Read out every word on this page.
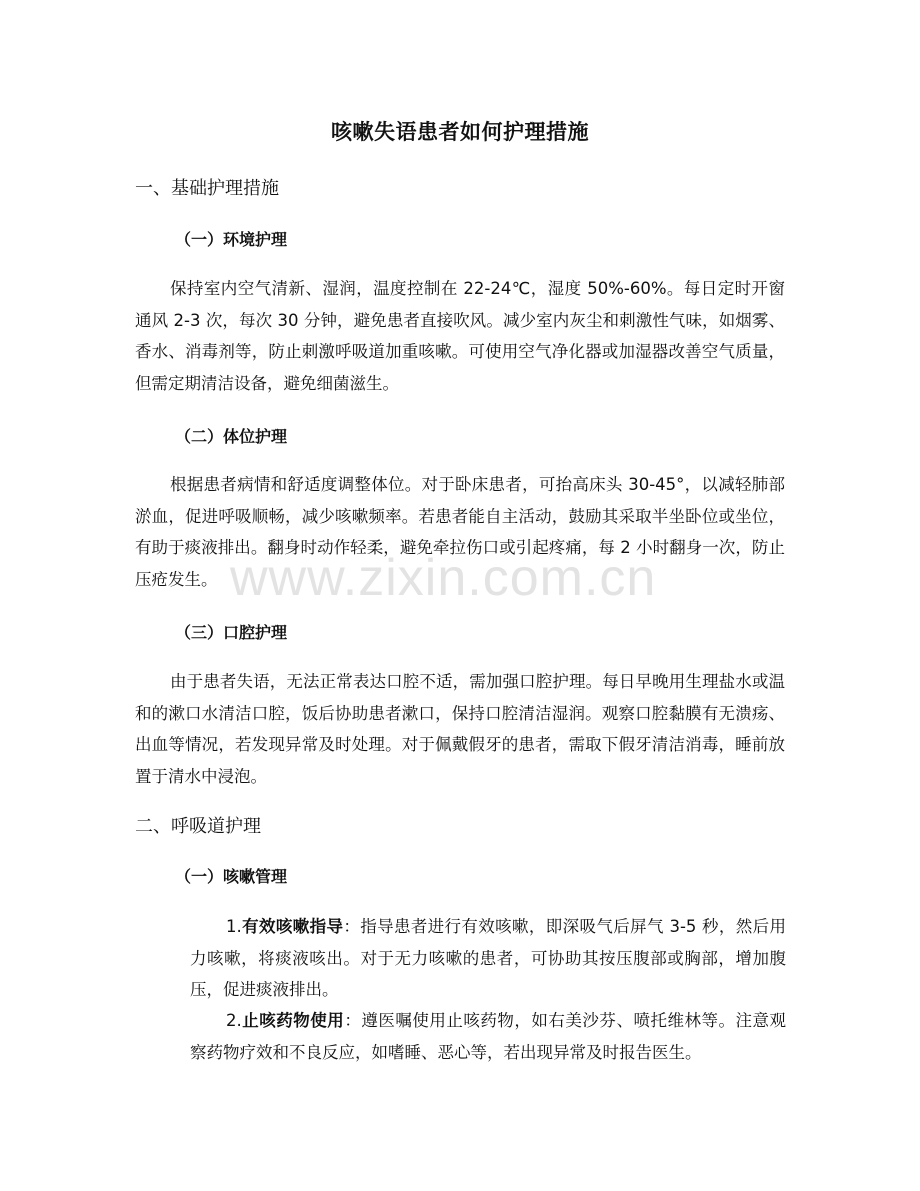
www.zixin.com.cn
咳嗽失语患者如何护理措施
一、基础护理措施
（一）环境护理
保持室内空气清新、湿润，温度控制在 22-24℃，湿度 50%-60%。每日定时开窗通风 2-3 次，每次 30 分钟，避免患者直接吹风。减少室内灰尘和刺激性气味，如烟雾、香水、消毒剂等，防止刺激呼吸道加重咳嗽。可使用空气净化器或加湿器改善空气质量，但需定期清洁设备，避免细菌滋生。
（二）体位护理
根据患者病情和舒适度调整体位。对于卧床患者，可抬高床头 30-45°，以减轻肺部淤血，促进呼吸顺畅，减少咳嗽频率。若患者能自主活动，鼓励其采取半坐卧位或坐位，有助于痰液排出。翻身时动作轻柔，避免牵拉伤口或引起疼痛，每 2 小时翻身一次，防止压疮发生。
（三）口腔护理
由于患者失语，无法正常表达口腔不适，需加强口腔护理。每日早晚用生理盐水或温和的漱口水清洁口腔，饭后协助患者漱口，保持口腔清洁湿润。观察口腔黏膜有无溃疡、出血等情况，若发现异常及时处理。对于佩戴假牙的患者，需取下假牙清洁消毒，睡前放置于清水中浸泡。
二、呼吸道护理
（一）咳嗽管理
1.有效咳嗽指导：指导患者进行有效咳嗽，即深吸气后屏气 3-5 秒，然后用力咳嗽，将痰液咳出。对于无力咳嗽的患者，可协助其按压腹部或胸部，增加腹压，促进痰液排出。
2.止咳药物使用：遵医嘱使用止咳药物，如右美沙芬、喷托维林等。注意观察药物疗效和不良反应，如嗜睡、恶心等，若出现异常及时报告医生。
